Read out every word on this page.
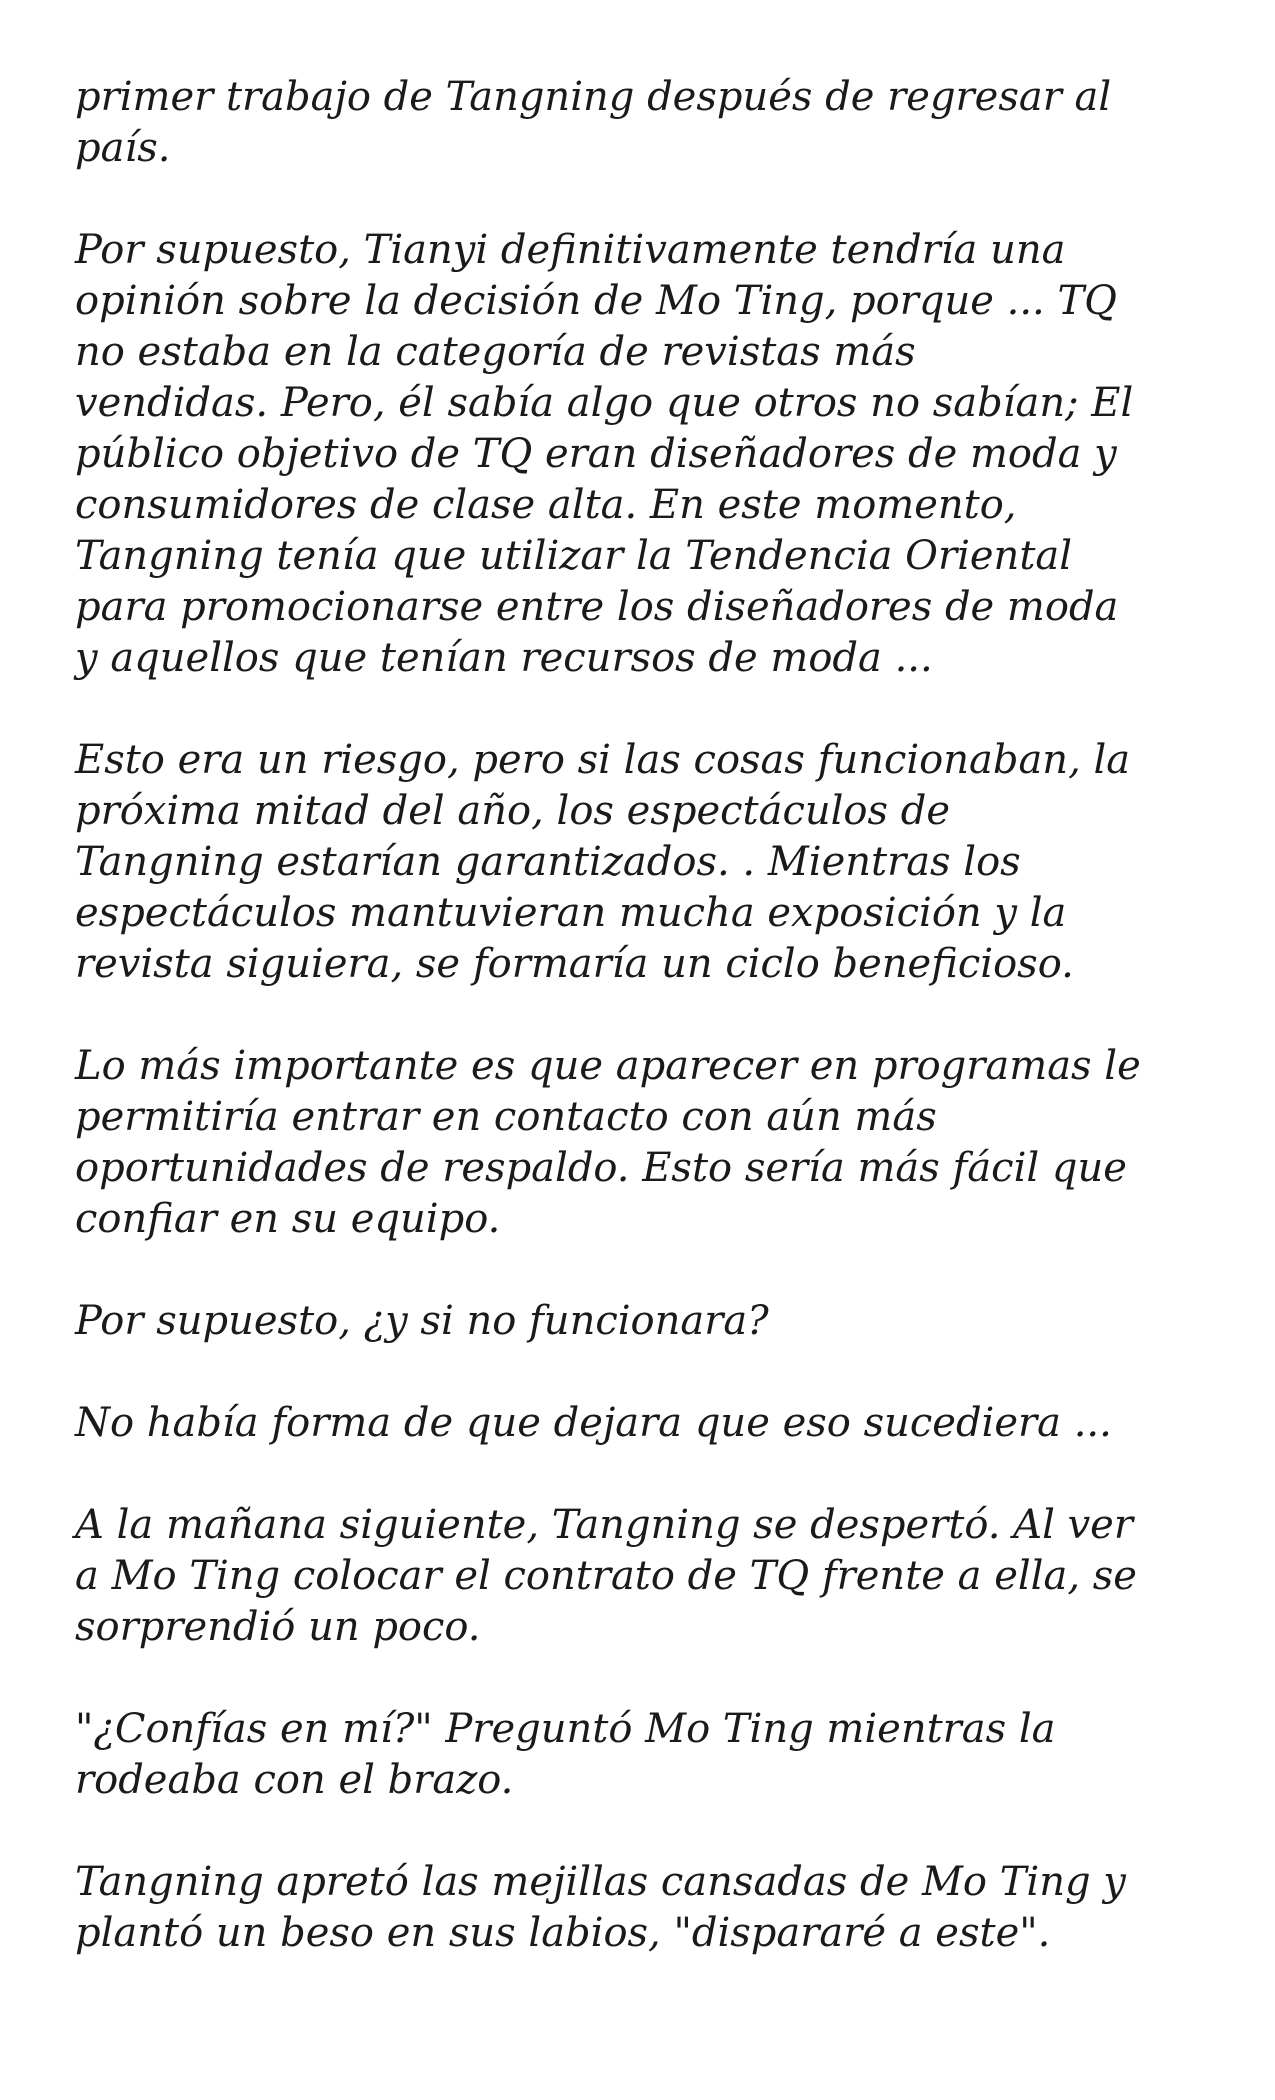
primer trabajo de Tangning después de regresar al
país.

Por supuesto, Tianyi definitivamente tendría una
opinión sobre la decisión de Mo Ting, porque ... TQ
no estaba en la categoría de revistas más
vendidas. Pero, él sabía algo que otros no sabían; El
público objetivo de TQ eran diseñadores de moda y
consumidores de clase alta. En este momento,
Tangning tenía que utilizar la Tendencia Oriental
para promocionarse entre los diseñadores de moda
y aquellos que tenían recursos de moda ...

Esto era un riesgo, pero si las cosas funcionaban, la
próxima mitad del año, los espectáculos de
Tangning estarían garantizados. . Mientras los
espectáculos mantuvieran mucha exposición y la
revista siguiera, se formaría un ciclo beneficioso.

Lo más importante es que aparecer en programas le
permitiría entrar en contacto con aún más
oportunidades de respaldo. Esto sería más fácil que
confiar en su equipo.

Por supuesto, ¿y si no funcionara?

No había forma de que dejara que eso sucediera ...

A la mañana siguiente, Tangning se despertó. Al ver
a Mo Ting colocar el contrato de TQ frente a ella, se
sorprendió un poco.

"¿Confías en mí?" Preguntó Mo Ting mientras la
rodeaba con el brazo.

Tangning apretó las mejillas cansadas de Mo Ting y
plantó un beso en sus labios, "dispararé a este".
